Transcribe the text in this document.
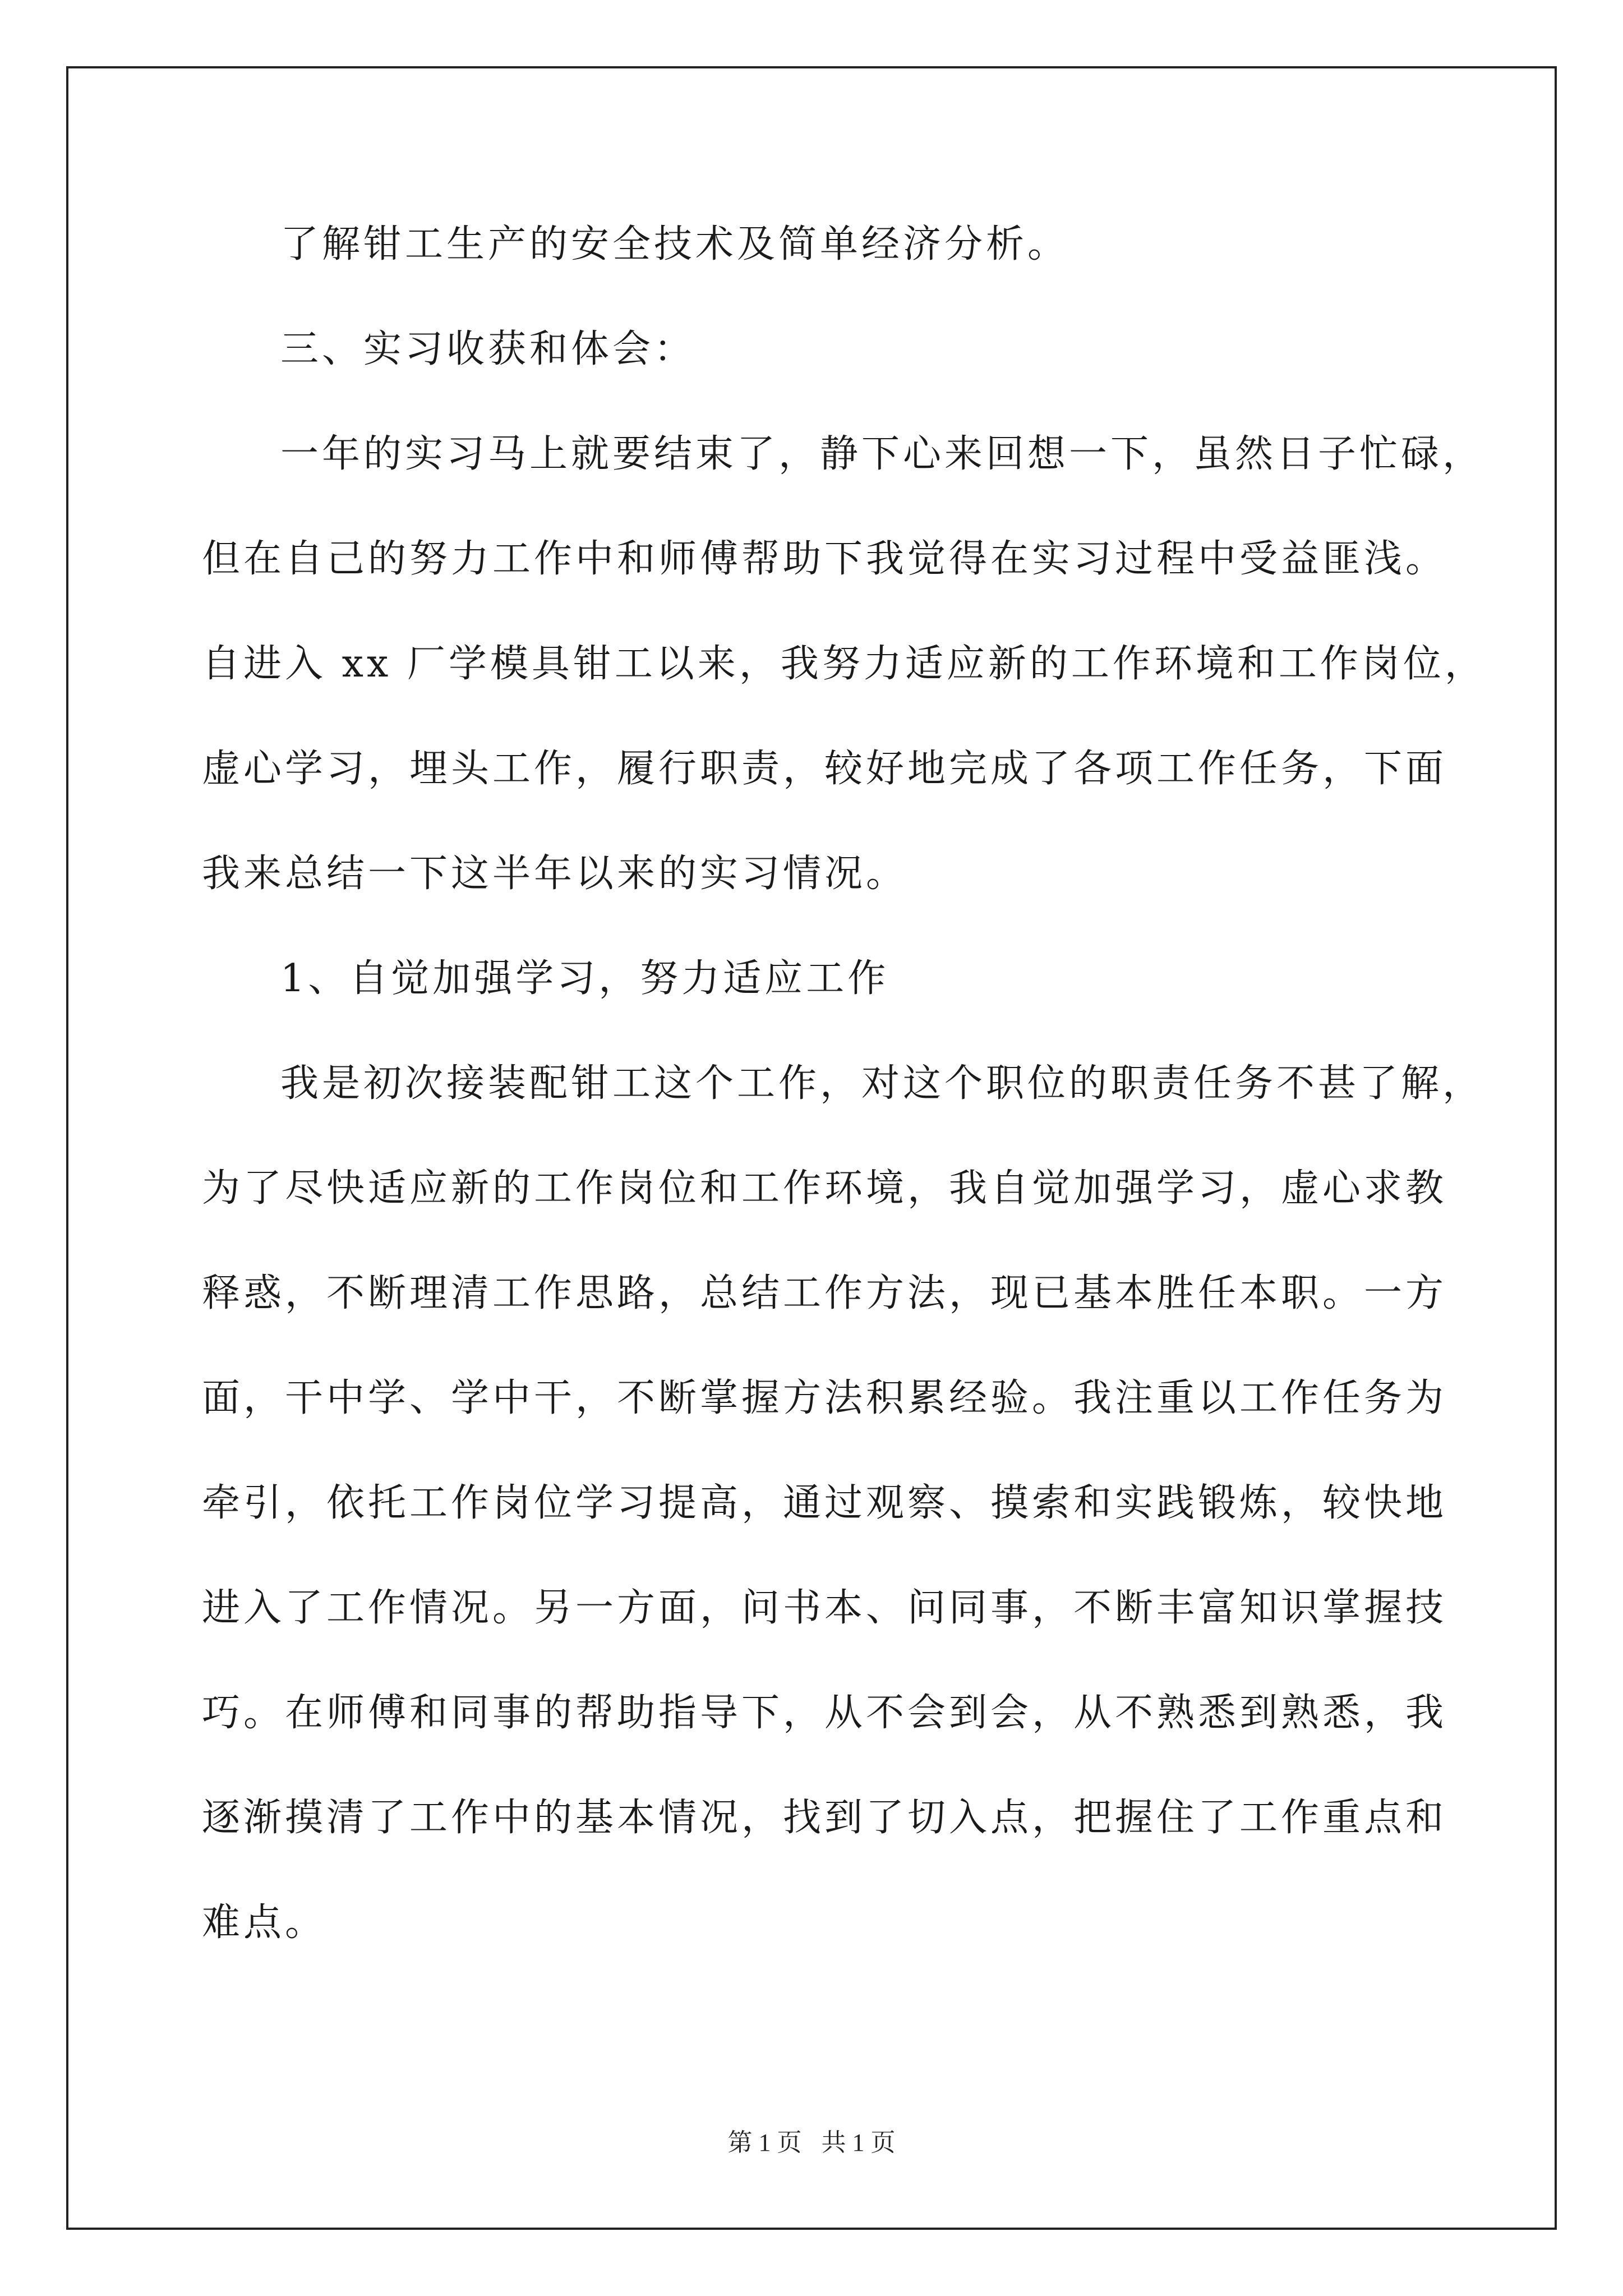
了解钳工生产的安全技术及简单经济分析。
三、实习收获和体会：
一年的实习马上就要结束了，静下心来回想一下，虽然日子忙碌，
但在自己的努力工作中和师傅帮助下我觉得在实习过程中受益匪浅。
自进入 xx 厂学模具钳工以来，我努力适应新的工作环境和工作岗位，
虚心学习，埋头工作，履行职责，较好地完成了各项工作任务，下面
我来总结一下这半年以来的实习情况。
1、自觉加强学习，努力适应工作
我是初次接装配钳工这个工作，对这个职位的职责任务不甚了解，
为了尽快适应新的工作岗位和工作环境，我自觉加强学习，虚心求教
释惑，不断理清工作思路，总结工作方法，现已基本胜任本职。一方
面，干中学、学中干，不断掌握方法积累经验。我注重以工作任务为
牵引，依托工作岗位学习提高，通过观察、摸索和实践锻炼，较快地
进入了工作情况。另一方面，问书本、问同事，不断丰富知识掌握技
巧。在师傅和同事的帮助指导下，从不会到会，从不熟悉到熟悉，我
逐渐摸清了工作中的基本情况，找到了切入点，把握住了工作重点和
难点。
第 1 页 共 1 页
